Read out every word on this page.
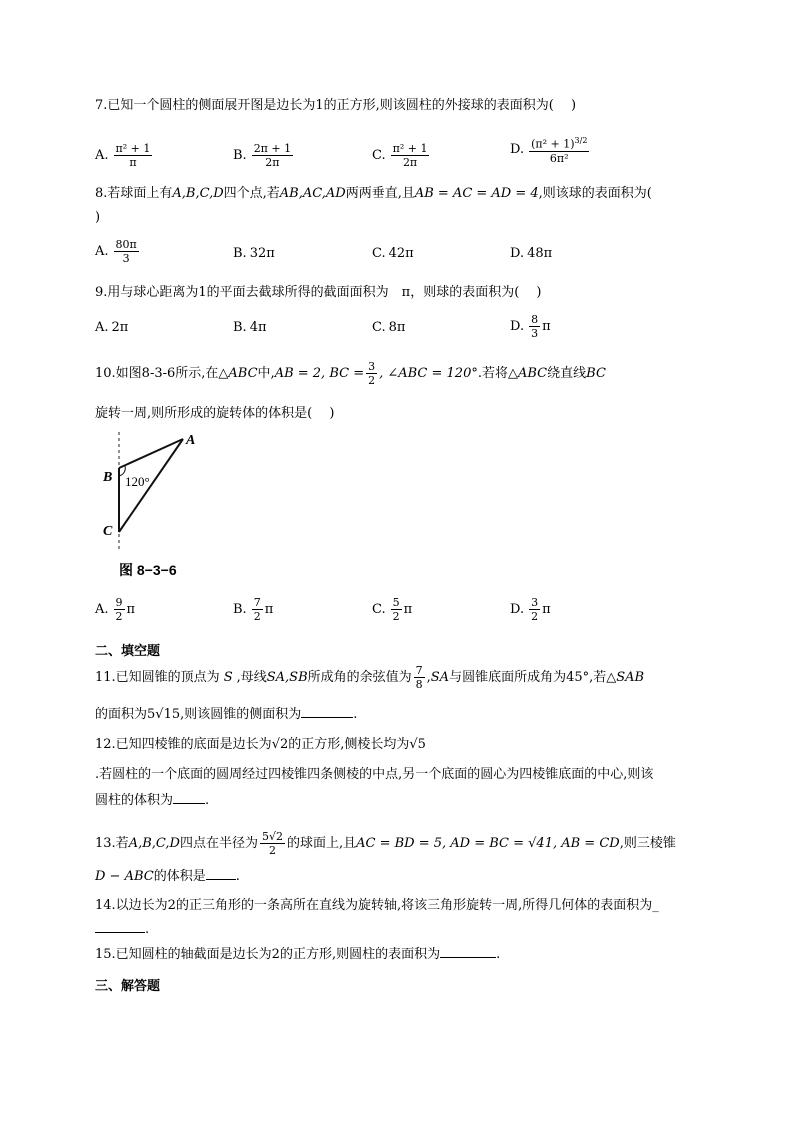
7.已知一个圆柱的侧面展开图是边长为1的正方形,则该圆柱的外接球的表面积为(　 )
A. $\frac{\text{π² + 1}}{\pi}$	B. $\frac{2\pi + 1}{2\pi}$	C. $\frac{\text{π² + 1}}{2\pi}$	D. $\frac{(\pi^2 + 1)^{3/2}}{\text{6π²}}$
8.若球面上有A,B,C,D四个点,若AB,AC,AD两两垂直,且AB = AC = AD = 4,则该球的表面积为(
)
A. $\frac{80\pi}{3}$	B. 32π	C. 42π	D. 48π
9.用与球心距离为1的平面去截球所得的截面面积为　π，则球的表面积为(　 )
A. 2π	B. 4π	C. 8π	D. $\frac{8}{3}$ π
10.如图8-3-6所示,在 △ABC 中, AB = 2, BC = $\frac{3}{2}$ , ∠ABC = 120° .若将 △ABC 绕直线 BC
旋转一周,则所形成的旋转体的体积是(　 )
A
B
C
120°
图 8−3−6
A. $\frac{9}{2}$ π	B. $\frac{7}{2}$ π	C. $\frac{5}{2}$ π	D. $\frac{3}{2}$ π
二、填空题
11.已知圆锥的顶点为 S ,母线 SA,SB 所成角的余弦值为 $\frac{7}{8}$ , SA 与圆锥底面所成角为45°,若 △SAB
的面积为5√15,则该圆锥的侧面积为	.
12.已知四棱锥的底面是边长为√2的正方形,侧棱长均为√5
.若圆柱的一个底面的圆周经过四棱锥四条侧棱的中点,另一个底面的圆心为四棱锥底面的中心,则该
圆柱的体积为 .
13.若 A,B,C,D 四点在半径为 $\frac{5√2}{2}$ 的球面上,且 AC = BD = 5, AD = BC = √41, AB = CD ,则三棱锥
D − ABC的体积是 .
14.以边长为2的正三角形的一条高所在直线为旋转轴,将该三角形旋转一周,所得几何体的表面积为_
.
15.已知圆柱的轴截面是边长为2的正方形,则圆柱的表面积为	.
三、解答题
